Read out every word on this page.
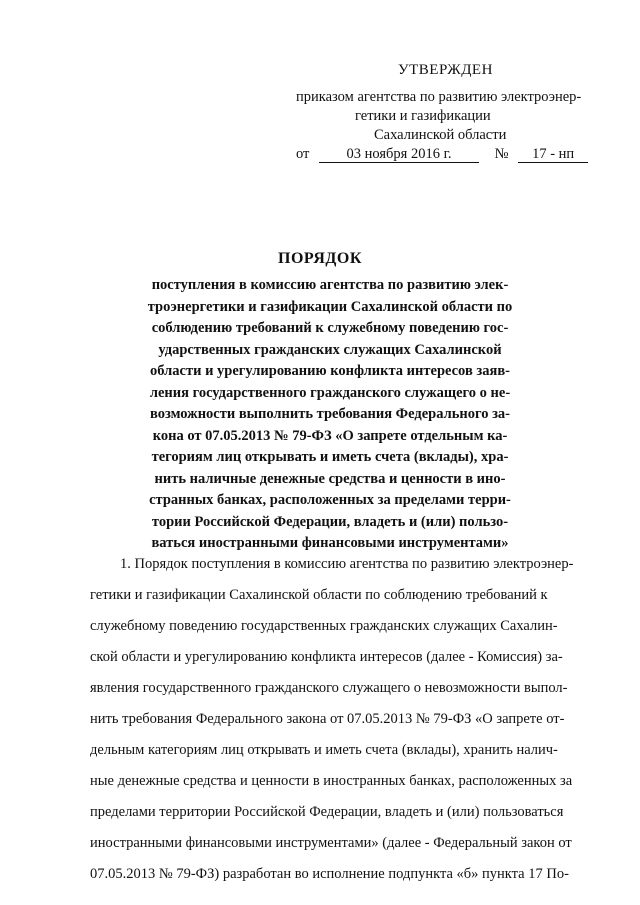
УТВЕРЖДЕН
приказом агентства по развитию электроэнер-
гетики и газификации
Сахалинской области
от	03 ноября 2016 г.	№ 17 - нп
ПОРЯДОК
поступления в комиссию агентства по развитию элек-
троэнергетики и газификации Сахалинской области по
соблюдению требований к служебному поведению гос-
ударственных гражданских служащих Сахалинской
области и урегулированию конфликта интересов заяв-
ления государственного гражданского служащего о не-
возможности выполнить требования Федерального за-
кона от 07.05.2013 № 79-ФЗ «О запрете отдельным ка-
тегориям лиц открывать и иметь счета (вклады), хра-
нить наличные денежные средства и ценности в ино-
странных банках, расположенных за пределами терри-
тории Российской Федерации, владеть и (или) пользо-
ваться иностранными финансовыми инструментами»
1. Порядок поступления в комиссию агентства по развитию электроэнер-
гетики и газификации Сахалинской области по соблюдению требований к
служебному поведению государственных гражданских служащих Сахалин-
ской области и урегулированию конфликта интересов (далее - Комиссия) за-
явления государственного гражданского служащего о невозможности выпол-
нить требования Федерального закона от 07.05.2013 № 79-ФЗ «О запрете от-
дельным категориям лиц открывать и иметь счета (вклады), хранить налич-
ные денежные средства и ценности в иностранных банках, расположенных за
пределами территории Российской Федерации, владеть и (или) пользоваться
иностранными финансовыми инструментами» (далее - Федеральный закон от
07.05.2013 № 79-ФЗ) разработан во исполнение подпункта «б» пункта 17 По-
